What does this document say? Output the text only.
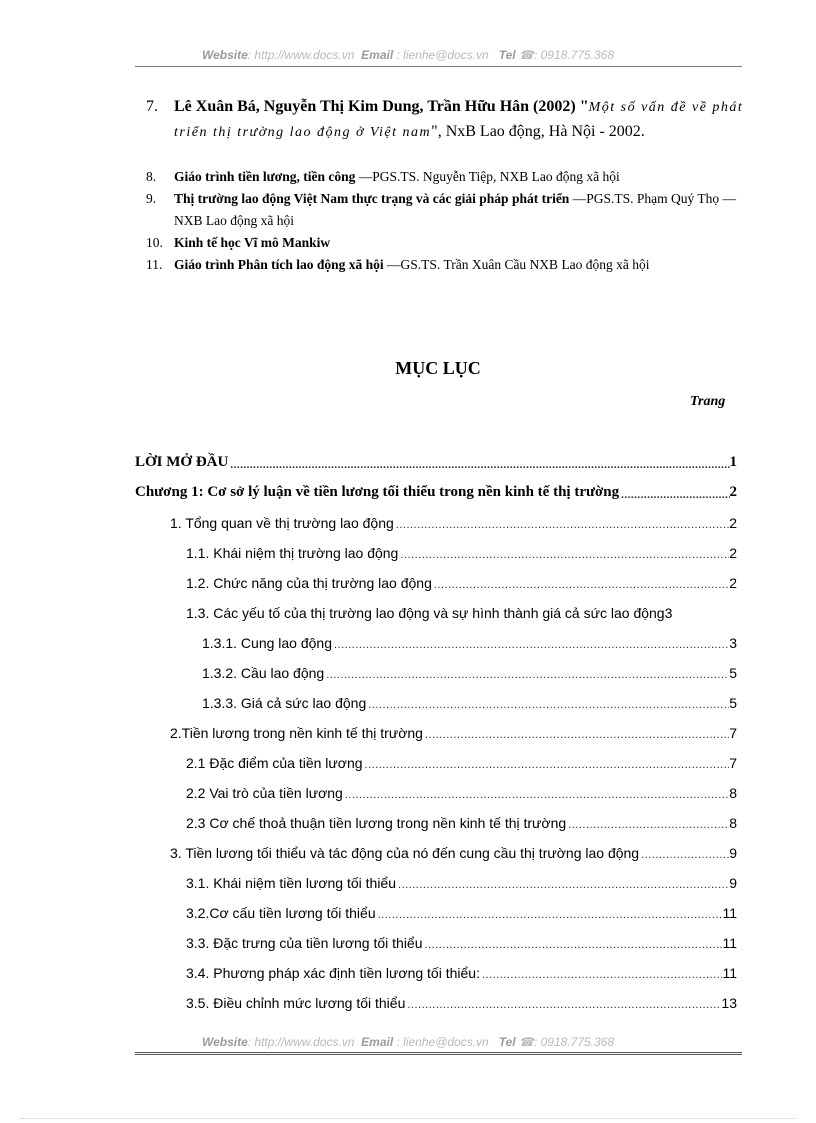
Website: http://www.docs.vn Email : lienhe@docs.vn Tel ☎: 0918.775.368
7.	Lê Xuân Bá, Nguyễn Thị Kim Dung, Trần Hữu Hân (2002) "Một số vấn đề về phát triển thị trường lao động ở Việt nam", NxB Lao động, Hà Nội - 2002.
8.	Giáo trình tiền lương, tiền công —PGS.TS. Nguyễn Tiệp, NXB Lao động xã hội
9.	Thị trường lao động Việt Nam thực trạng và các giải pháp phát triển —PGS.TS. Phạm Quý Thọ — NXB Lao động xã hội
10. Kinh tế học Vĩ mô Mankiw
11. Giáo trình Phân tích lao động xã hội —GS.TS. Trần Xuân Cầu NXB Lao động xã hội
MỤC LỤC
Trang
LỜI MỞ ĐẦU .....	1
Chương 1: Cơ sở lý luận về tiền lương tối thiểu trong nền kinh tế thị trường .....	2
1. Tổng quan về thị trường lao động .....	2
1.1. Khái niệm thị trường lao động .....	2
1.2. Chức năng của thị trường lao động .....	2
1.3. Các yếu tố của thị trường lao động và sự hình thành giá cả sức lao động 3
1.3.1. Cung lao động .....	3
1.3.2. Cầu lao động .....	5
1.3.3. Giá cả sức lao động .....	5
2.Tiền lương trong nền kinh tế thị trường .....	7
2.1 Đặc điểm của tiền lương .....	7
2.2 Vai trò của tiền lương .....	8
2.3 Cơ chế thoả thuận tiền lương trong nền kinh tế thị trường .....	8
3. Tiền lương tối thiểu và tác động của nó đến cung cầu thị trường lao động .....	9
3.1. Khái niệm tiền lương tối thiểu .....	9
3.2.Cơ cấu tiền lương tối thiểu .....	11
3.3. Đặc trưng của tiền lương tối thiểu .....	11
3.4. Phương pháp xác định tiền lương tối thiểu: .....	11
3.5. Điều chỉnh mức lương tối thiểu .....	13
Website: http://www.docs.vn Email : lienhe@docs.vn Tel ☎: 0918.775.368
